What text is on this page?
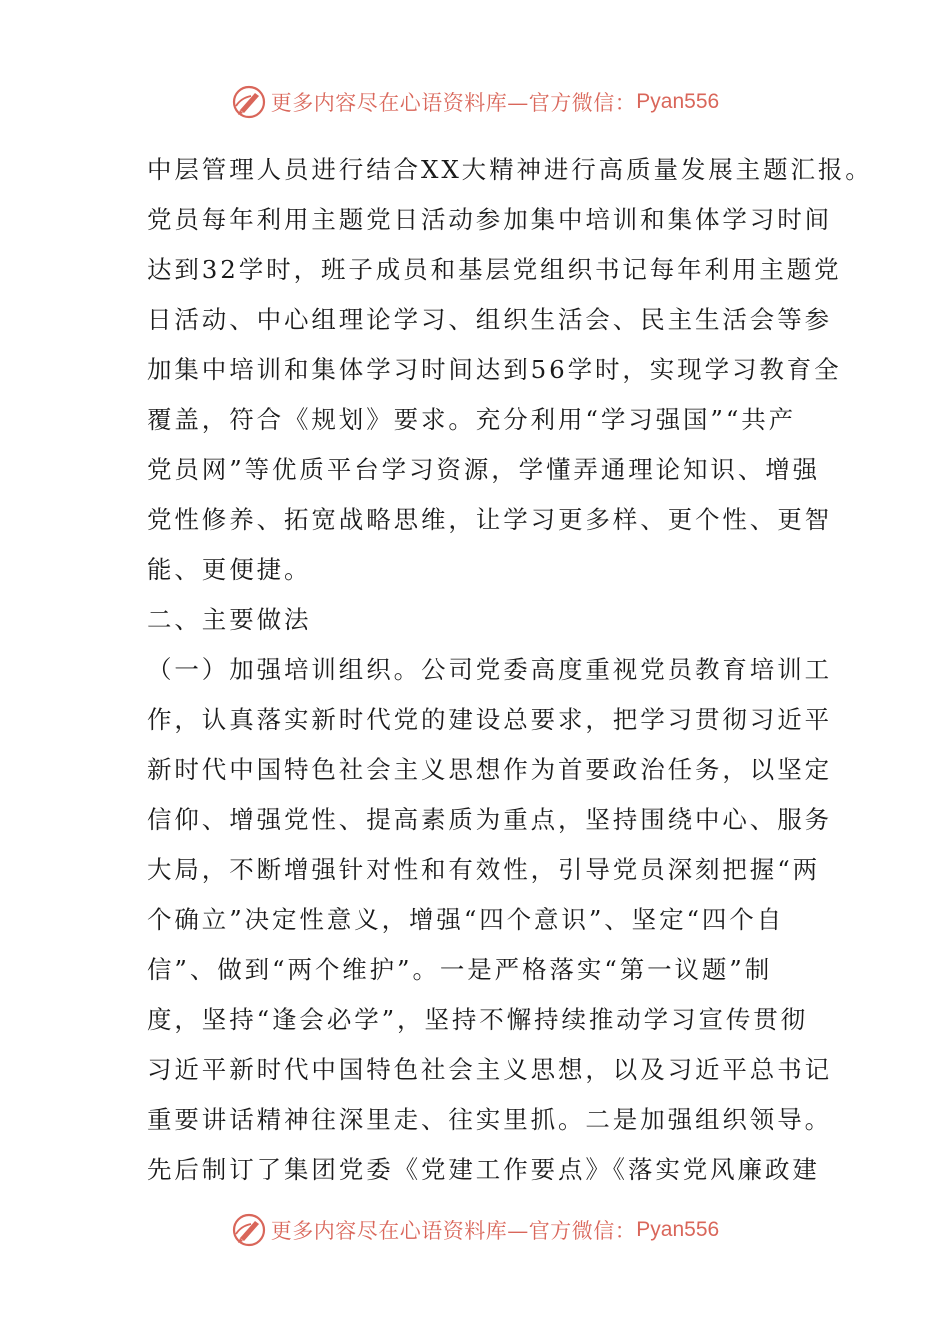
更多内容尽在心语资料库—官方微信： Pyan556
中层管理人员进行结合XX大精神进行高质量发展主题汇报。
党员每年利用主题党日活动参加集中培训和集体学习时间
达到32学时，班子成员和基层党组织书记每年利用主题党
日活动、中心组理论学习、组织生活会、民主生活会等参
加集中培训和集体学习时间达到56学时，实现学习教育全
覆盖，符合《规划》要求。充分利用“学习强国”“共产
党员网”等优质平台学习资源，学懂弄通理论知识、增强
党性修养、拓宽战略思维，让学习更多样、更个性、更智
能、更便捷。
二、主要做法
（一）加强培训组织。公司党委高度重视党员教育培训工
作，认真落实新时代党的建设总要求，把学习贯彻习近平
新时代中国特色社会主义思想作为首要政治任务，以坚定
信仰、增强党性、提高素质为重点，坚持围绕中心、服务
大局，不断增强针对性和有效性，引导党员深刻把握“两
个确立”决定性意义，增强“四个意识”、坚定“四个自
信”、做到“两个维护”。一是严格落实“第一议题”制
度，坚持“逢会必学”，坚持不懈持续推动学习宣传贯彻
习近平新时代中国特色社会主义思想，以及习近平总书记
重要讲话精神往深里走、往实里抓。二是加强组织领导。
先后制订了集团党委《党建工作要点》《落实党风廉政建
更多内容尽在心语资料库—官方微信： Pyan556
